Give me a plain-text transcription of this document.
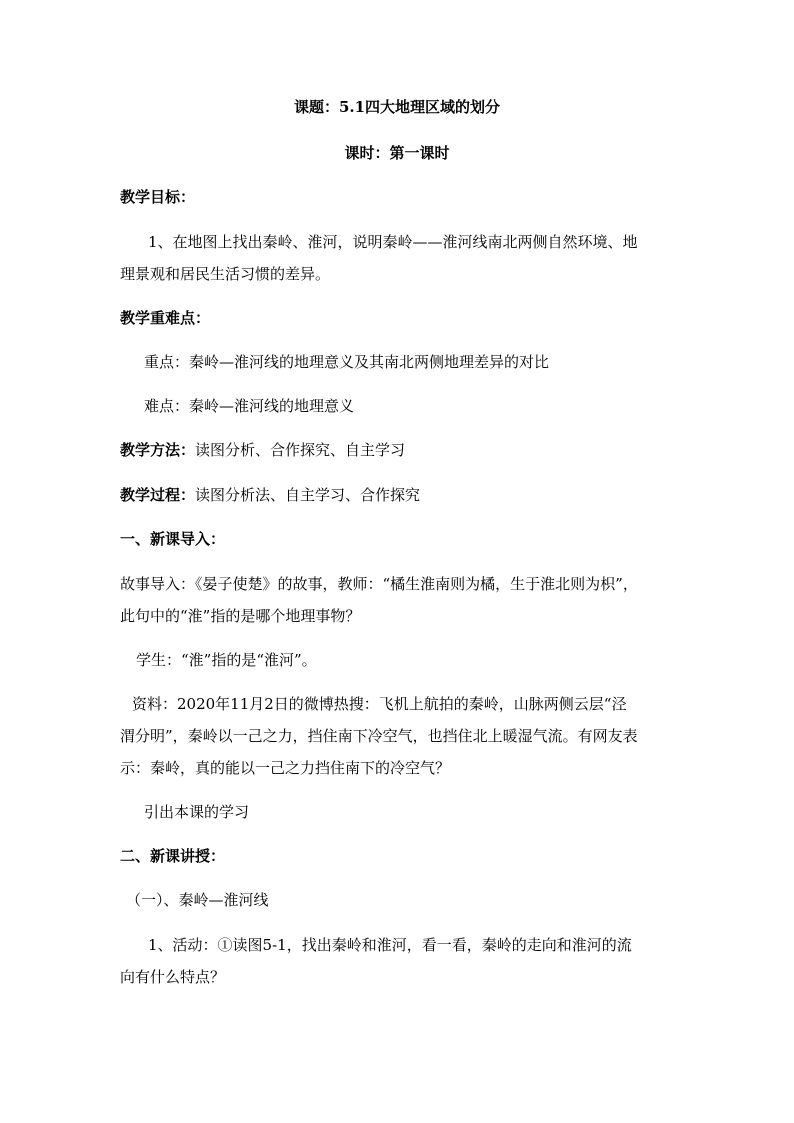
课题：5.1四大地理区域的划分
课时：第一课时
教学目标：
1、在地图上找出秦岭、淮河，说明秦岭——淮河线南北两侧自然环境、地
理景观和居民生活习惯的差异。
教学重难点：
重点：秦岭—淮河线的地理意义及其南北两侧地理差异的对比
难点：秦岭—淮河线的地理意义
教学方法：读图分析、合作探究、自主学习
教学过程：读图分析法、自主学习、合作探究
一、新课导入：
故事导入：《晏子使楚》的故事，教师：“橘生淮南则为橘，生于淮北则为枳”，
此句中的“淮”指的是哪个地理事物？
学生：“淮”指的是“淮河”。
资料：2020年11月2日的微博热搜：飞机上航拍的秦岭，山脉两侧云层“泾
渭分明”，秦岭以一己之力，挡住南下冷空气，也挡住北上暖湿气流。有网友表
示：秦岭，真的能以一己之力挡住南下的冷空气？
引出本课的学习
二、新课讲授：
（一）、秦岭—淮河线
1、活动：①读图5-1，找出秦岭和淮河，看一看，秦岭的走向和淮河的流
向有什么特点？
